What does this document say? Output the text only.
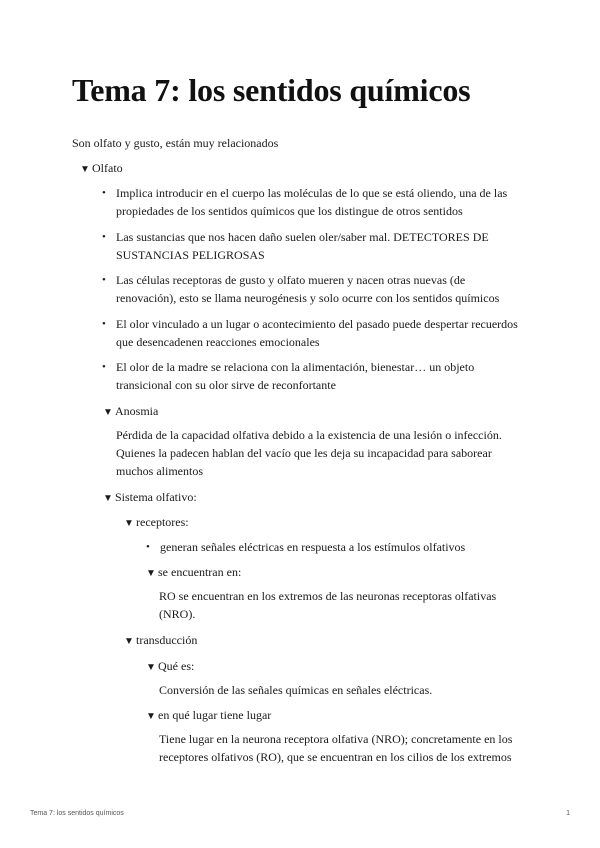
Tema 7: los sentidos químicos
Son olfato y gusto, están muy relacionados
▼ Olfato
• Implica introducir en el cuerpo las moléculas de lo que se está oliendo, una de las propiedades de los sentidos químicos que los distingue de otros sentidos
• Las sustancias que nos hacen daño suelen oler/saber mal. DETECTORES DE SUSTANCIAS PELIGROSAS
• Las células receptoras de gusto y olfato mueren y nacen otras nuevas (de renovación), esto se llama neurogénesis y solo ocurre con los sentidos químicos
• El olor vinculado a un lugar o acontecimiento del pasado puede despertar recuerdos que desencadenen reacciones emocionales
• El olor de la madre se relaciona con la alimentación, bienestar… un objeto transicional con su olor sirve de reconfortante
▼ Anosmia
Pérdida de la capacidad olfativa debido a la existencia de una lesión o infección. Quienes la padecen hablan del vacío que les deja su incapacidad para saborear muchos alimentos
▼ Sistema olfativo:
▼ receptores:
• generan señales eléctricas en respuesta a los estímulos olfativos
▼ se encuentran en:
RO se encuentran en los extremos de las neuronas receptoras olfativas (NRO).
▼ transducción
▼ Qué es:
Conversión de las señales químicas en señales eléctricas.
▼ en qué lugar tiene lugar
Tiene lugar en la neurona receptora olfativa (NRO); concretamente en los receptores olfativos (RO), que se encuentran en los cilios de los extremos
Tema 7: los sentidos químicos	1
